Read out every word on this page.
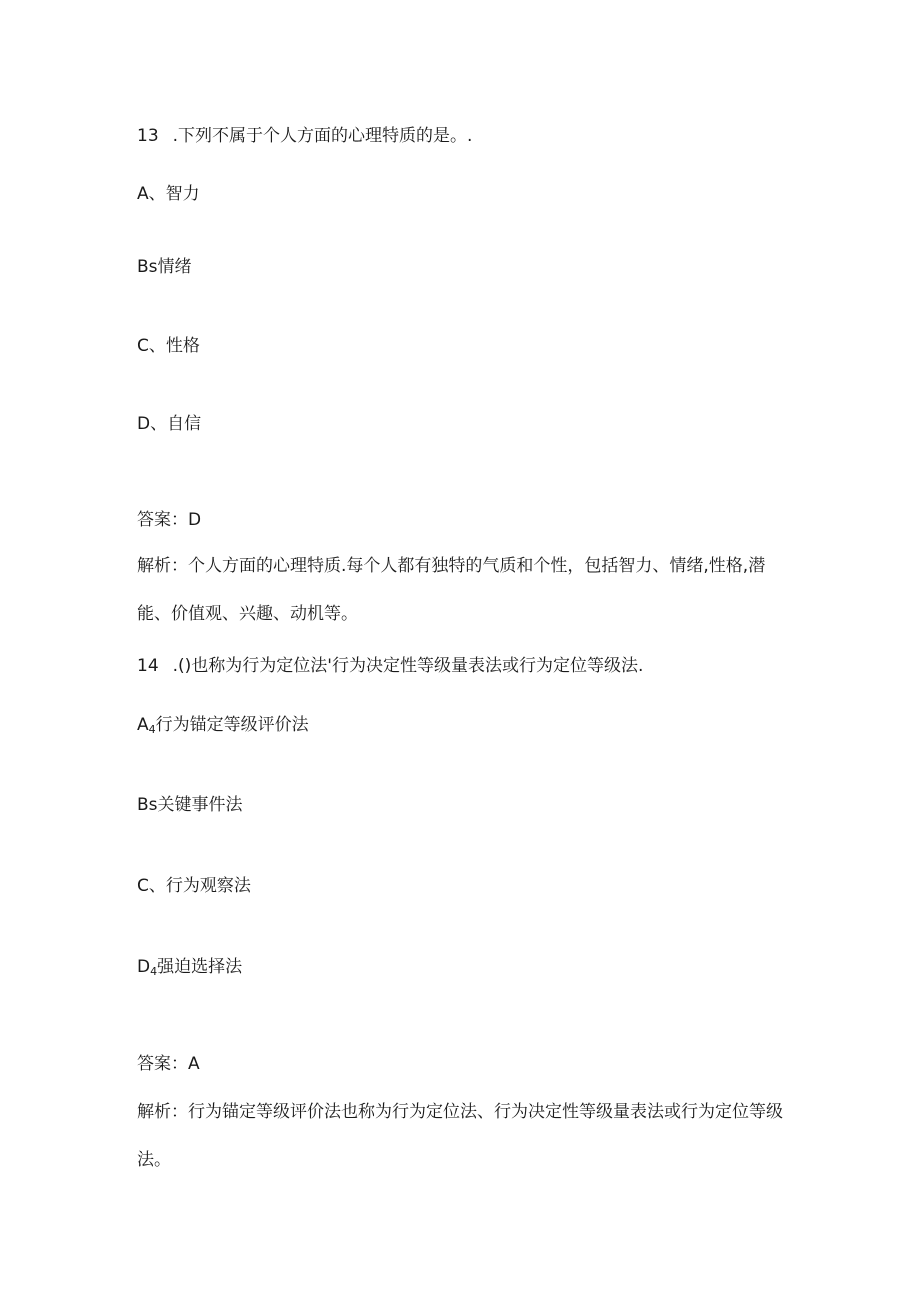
13 .下列不属于个人方面的心理特质的是。.
A、智力
Bs情绪
C、性格
D、自信
答案：D
解析：个人方面的心理特质.每个人都有独特的气质和个性，包括智力、情绪,性格,潜能、价值观、兴趣、动机等。
14 .()也称为行为定位法'行为决定性等级量表法或行为定位等级法.
$A_4$行为锚定等级评价法
Bs关键事件法
C、行为观察法
$D_4$强迫选择法
答案：A
解析：行为锚定等级评价法也称为行为定位法、行为决定性等级量表法或行为定位等级法。
